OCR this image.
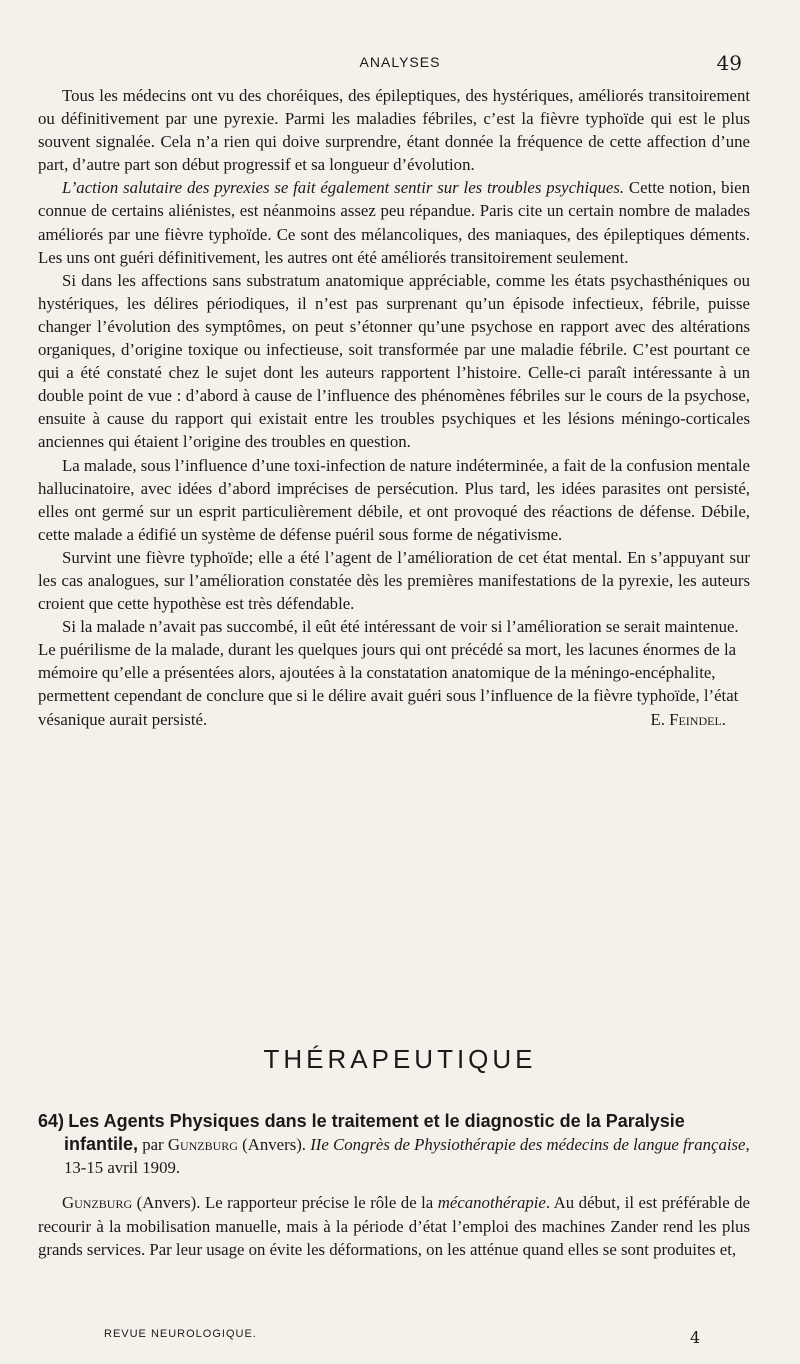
ANALYSES	49

Tous les médecins ont vu des choréiques, des épileptiques, des hystériques, améliorés transitoirement ou définitivement par une pyrexie. Parmi les maladies fébriles, c’est la fièvre typhoïde qui est le plus souvent signalée. Cela n’a rien qui doive surprendre, étant donnée la fréquence de cette affection d’une part, d’autre part son début progressif et sa longueur d’évolution.

L’action salutaire des pyrexies se fait également sentir sur les troubles psychiques. Cette notion, bien connue de certains aliénistes, est néanmoins assez peu répandue. Paris cite un certain nombre de malades améliorés par une fièvre typhoïde. Ce sont des mélancoliques, des maniaques, des épileptiques déments. Les uns ont guéri définitivement, les autres ont été améliorés transitoirement seulement.

Si dans les affections sans substratum anatomique appréciable, comme les états psychasthéniques ou hystériques, les délires périodiques, il n’est pas surprenant qu’un épisode infectieux, fébrile, puisse changer l’évolution des symptômes, on peut s’étonner qu’une psychose en rapport avec des altérations organiques, d’origine toxique ou infectieuse, soit transformée par une maladie fébrile. C’est pourtant ce qui a été constaté chez le sujet dont les auteurs rapportent l’histoire. Celle-ci paraît intéressante à un double point de vue : d’abord à cause de l’influence des phénomènes fébriles sur le cours de la psychose, ensuite à cause du rapport qui existait entre les troubles psychiques et les lésions méningo-corticales anciennes qui étaient l’origine des troubles en question.

La malade, sous l’influence d’une toxi-infection de nature indéterminée, a fait de la confusion mentale hallucinatoire, avec idées d’abord imprécises de persécution. Plus tard, les idées parasites ont persisté, elles ont germé sur un esprit particulièrement débile, et ont provoqué des réactions de défense. Débile, cette malade a édifié un système de défense puéril sous forme de négativisme.

Survint une fièvre typhoïde; elle a été l’agent de l’amélioration de cet état mental. En s’appuyant sur les cas analogues, sur l’amélioration constatée dès les premières manifestations de la pyrexie, les auteurs croient que cette hypothèse est très défendable.

Si la malade n’avait pas succombé, il eût été intéressant de voir si l’amélioration se serait maintenue. Le puérilisme de la malade, durant les quelques jours qui ont précédé sa mort, les lacunes énormes de la mémoire qu’elle a présentées alors, ajoutées à la constatation anatomique de la méningo-encéphalite, permettent cependant de conclure que si le délire avait guéri sous l’influence de la fièvre typhoïde, l’état vésanique aurait persisté.	E. Feindel.

THÉRAPEUTIQUE

64) Les Agents Physiques dans le traitement et le diagnostic de la Paralysie infantile, par Gunzburg (Anvers). IIe Congrès de Physiothérapie des médecins de langue française, 13-15 avril 1909.

Gunzburg (Anvers). Le rapporteur précise le rôle de la mécanothérapie. Au début, il est préférable de recourir à la mobilisation manuelle, mais à la période d’état l’emploi des machines Zander rend les plus grands services. Par leur usage on évite les déformations, on les atténue quand elles se sont produites et,

REVUE NEUROLOGIQUE.	4
